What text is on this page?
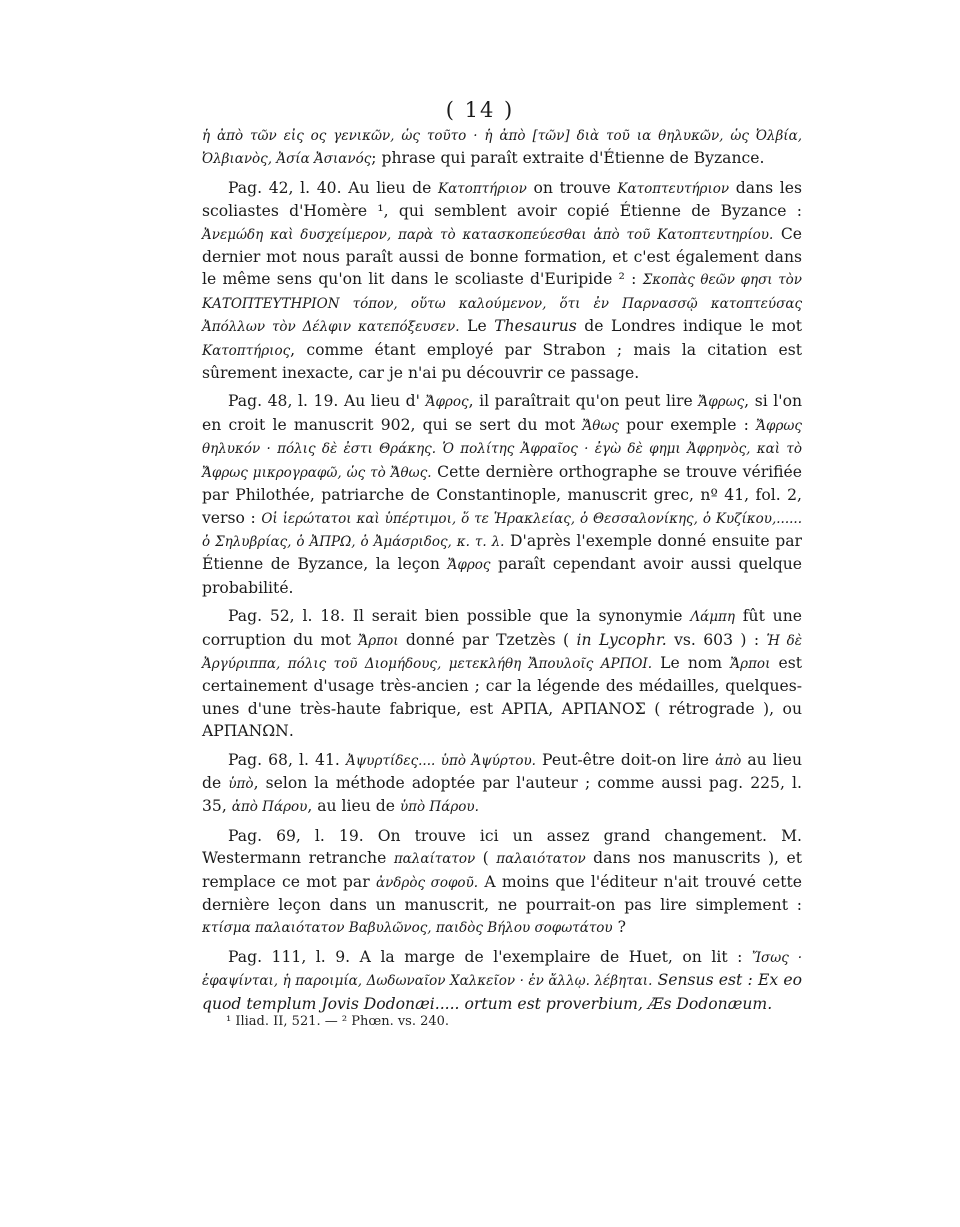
( 14 )

ἡ ἀπὸ τῶν εἰς ος γενικῶν, ὡς τοῦτο · ἡ ἀπὸ [τῶν] διὰ τοῦ ια θηλυκῶν, ὡς Ὀλβία, Ὀλβιανὸς, Ἀσία Ἀσιανός; phrase qui paraît extraite d'Étienne de Byzance.

Pag. 42, l. 40. Au lieu de Κατοπτήριον on trouve Κατοπτευτήριον dans les scoliastes d'Homère ¹, qui semblent avoir copié Étienne de Byzance : Ἀνεμώδη καὶ δυσχείμερον, παρὰ τὸ κατασκοπεύεσθαι ἀπὸ τοῦ Κατοπτευτηρίου. Ce dernier mot nous paraît aussi de bonne formation, et c'est également dans le même sens qu'on lit dans le scoliaste d'Euripide ² : Σκοπὰς θεῶν φησι τὸν ΚΑΤΟΠΤΕΥΤΗΡΙΟΝ τόπον, οὕτω καλούμενον, ὅτι ἐν Παρνασσῷ κατοπτεύσας Ἀπόλλων τὸν Δέλφιν κατεπόξευσεν. Le Thesaurus de Londres indique le mot Κατοπτήριος, comme étant employé par Strabon ; mais la citation est sûrement inexacte, car je n'ai pu découvrir ce passage.

Pag. 48, l. 19. Au lieu d' Ἄφρος, il paraîtrait qu'on peut lire Ἄφρως, si l'on en croit le manuscrit 902, qui se sert du mot Ἄθως pour exemple : Ἄφρως θηλυκόν · πόλις δὲ ἐστι Θράκης. Ὁ πολίτης Ἀφραῖος · ἐγὼ δὲ φημι Ἀφρηνὸς, καὶ τὸ Ἄφρως μικρογραφῶ, ὡς τὸ Ἄθως. Cette dernière orthographe se trouve vérifiée par Philothée, patriarche de Constantinople, manuscrit grec, nº 41, fol. 2, verso : Οἱ ἱερώτατοι καὶ ὑπέρτιμοι, ὅ τε Ἡρακλείας, ὁ Θεσσαλονίκης, ὁ Κυζίκου,...... ὁ Σηλυβρίας, ὁ ἈΠΡΩ, ὁ Ἀμάσριδος, κ. τ. λ. D'après l'exemple donné ensuite par Étienne de Byzance, la leçon Ἄφρος paraît cependant avoir aussi quelque probabilité.

Pag. 52, l. 18. Il serait bien possible que la synonymie Λάμπη fût une corruption du mot Ἄρποι donné par Tzetzès ( in Lycophr. vs. 603 ) : Ἡ δὲ Ἀργύριππα, πόλις τοῦ Διομήδους, μετεκλήθη Ἄπουλοῖς ΑΡΠΟΙ. Le nom Ἄρποι est certainement d'usage très-ancien ; car la légende des médailles, quelques-unes d'une très-haute fabrique, est ΑΡΠΑ, ΑΡΠΑΝΟΣ ( rétrograde ), ou ΑΡΠΑΝΩΝ.

Pag. 68, l. 41. Ἀψυρτίδες.... ὑπὸ Ἀψύρτου. Peut-être doit-on lire ἀπὸ au lieu de ὑπὸ, selon la méthode adoptée par l'auteur ; comme aussi pag. 225, l. 35, ἀπὸ Πάρου, au lieu de ὑπὸ Πάρου.

Pag. 69, l. 19. On trouve ici un assez grand changement. M. Westermann retranche παλαίτατον ( παλαιότατον dans nos manuscrits ), et remplace ce mot par ἀνδρὸς σοφοῦ. A moins que l'éditeur n'ait trouvé cette dernière leçon dans un manuscrit, ne pourrait-on pas lire simplement : κτίσμα παλαιότατον Βαβυλῶνος, παιδὸς Βήλου σοφωτάτου ?

Pag. 111, l. 9. A la marge de l'exemplaire de Huet, on lit : Ἴσως · ἐφαψίνται, ἡ παροιμία, Δωδωναῖον Χαλκεῖον · ἐν ἄλλῳ. λέβηται. Sensus est : Ex eo quod templum Jovis Dodonæi..... ortum est proverbium, Æs Dodonæum.

¹ Iliad. II, 521. — ² Phœn. vs. 240.
